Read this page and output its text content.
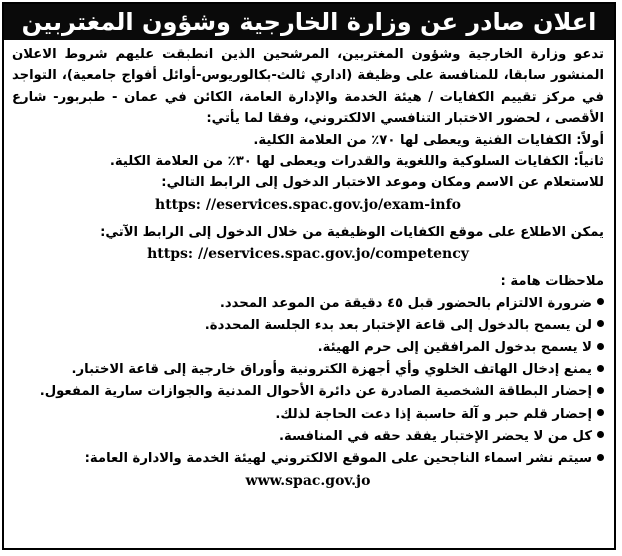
اعلان صادر عن وزارة الخارجية وشؤون المغتربين
تدعو وزارة الخارجية وشؤون المغتربين، المرشحين الذين انطبقت عليهم شروط الاعلان المنشور سابقا، للمنافسة على وظيفة (اداري ثالث-بكالوريوس-أوائل أفواج جامعية)، التواجد في مركز تقييم الكفايات / هيئة الخدمة والإدارة العامة، الكائن في عمان - طبربور- شارع الأقصى ، لحضور الاختبار التنافسي الالكتروني، وفقا لما يأتي:
أولاً: الكفايات الفنية ويعطى لها ٧٠٪ من العلامة الكلية.
ثانياً: الكفايات السلوكية واللغوية والقدرات ويعطى لها ٣٠٪ من العلامة الكلية.
للاستعلام عن الاسم ومكان وموعد الاختبار الدخول إلى الرابط التالي:
https: //eservices.spac.gov.jo/exam-info
يمكن الاطلاع على موقع الكفايات الوظيفية من خلال الدخول إلى الرابط الآتي:
https: //eservices.spac.gov.jo/competency
ملاحظات هامة :
ضرورة الالتزام بالحضور قبل ٤٥ دقيقة من الموعد المحدد.
لن يسمح بالدخول إلى قاعة الإختبار بعد بدء الجلسة المحددة.
لا يسمح بدخول المرافقين إلى حرم الهيئة.
يمنع إدخال الهاتف الخلوي وأي أجهزة الكترونية وأوراق خارجية إلى قاعة الاختبار.
إحضار البطاقة الشخصية الصادرة عن دائرة الأحوال المدنية والجوازات سارية المفعول.
إحضار قلم حبر و آلة حاسبة إذا دعت الحاجة لذلك.
كل من لا يحضر الإختبار يفقد حقه في المنافسة.
سيتم نشر اسماء الناجحين على الموقع الالكتروني لهيئة الخدمة والادارة العامة:
www.spac.gov.jo
